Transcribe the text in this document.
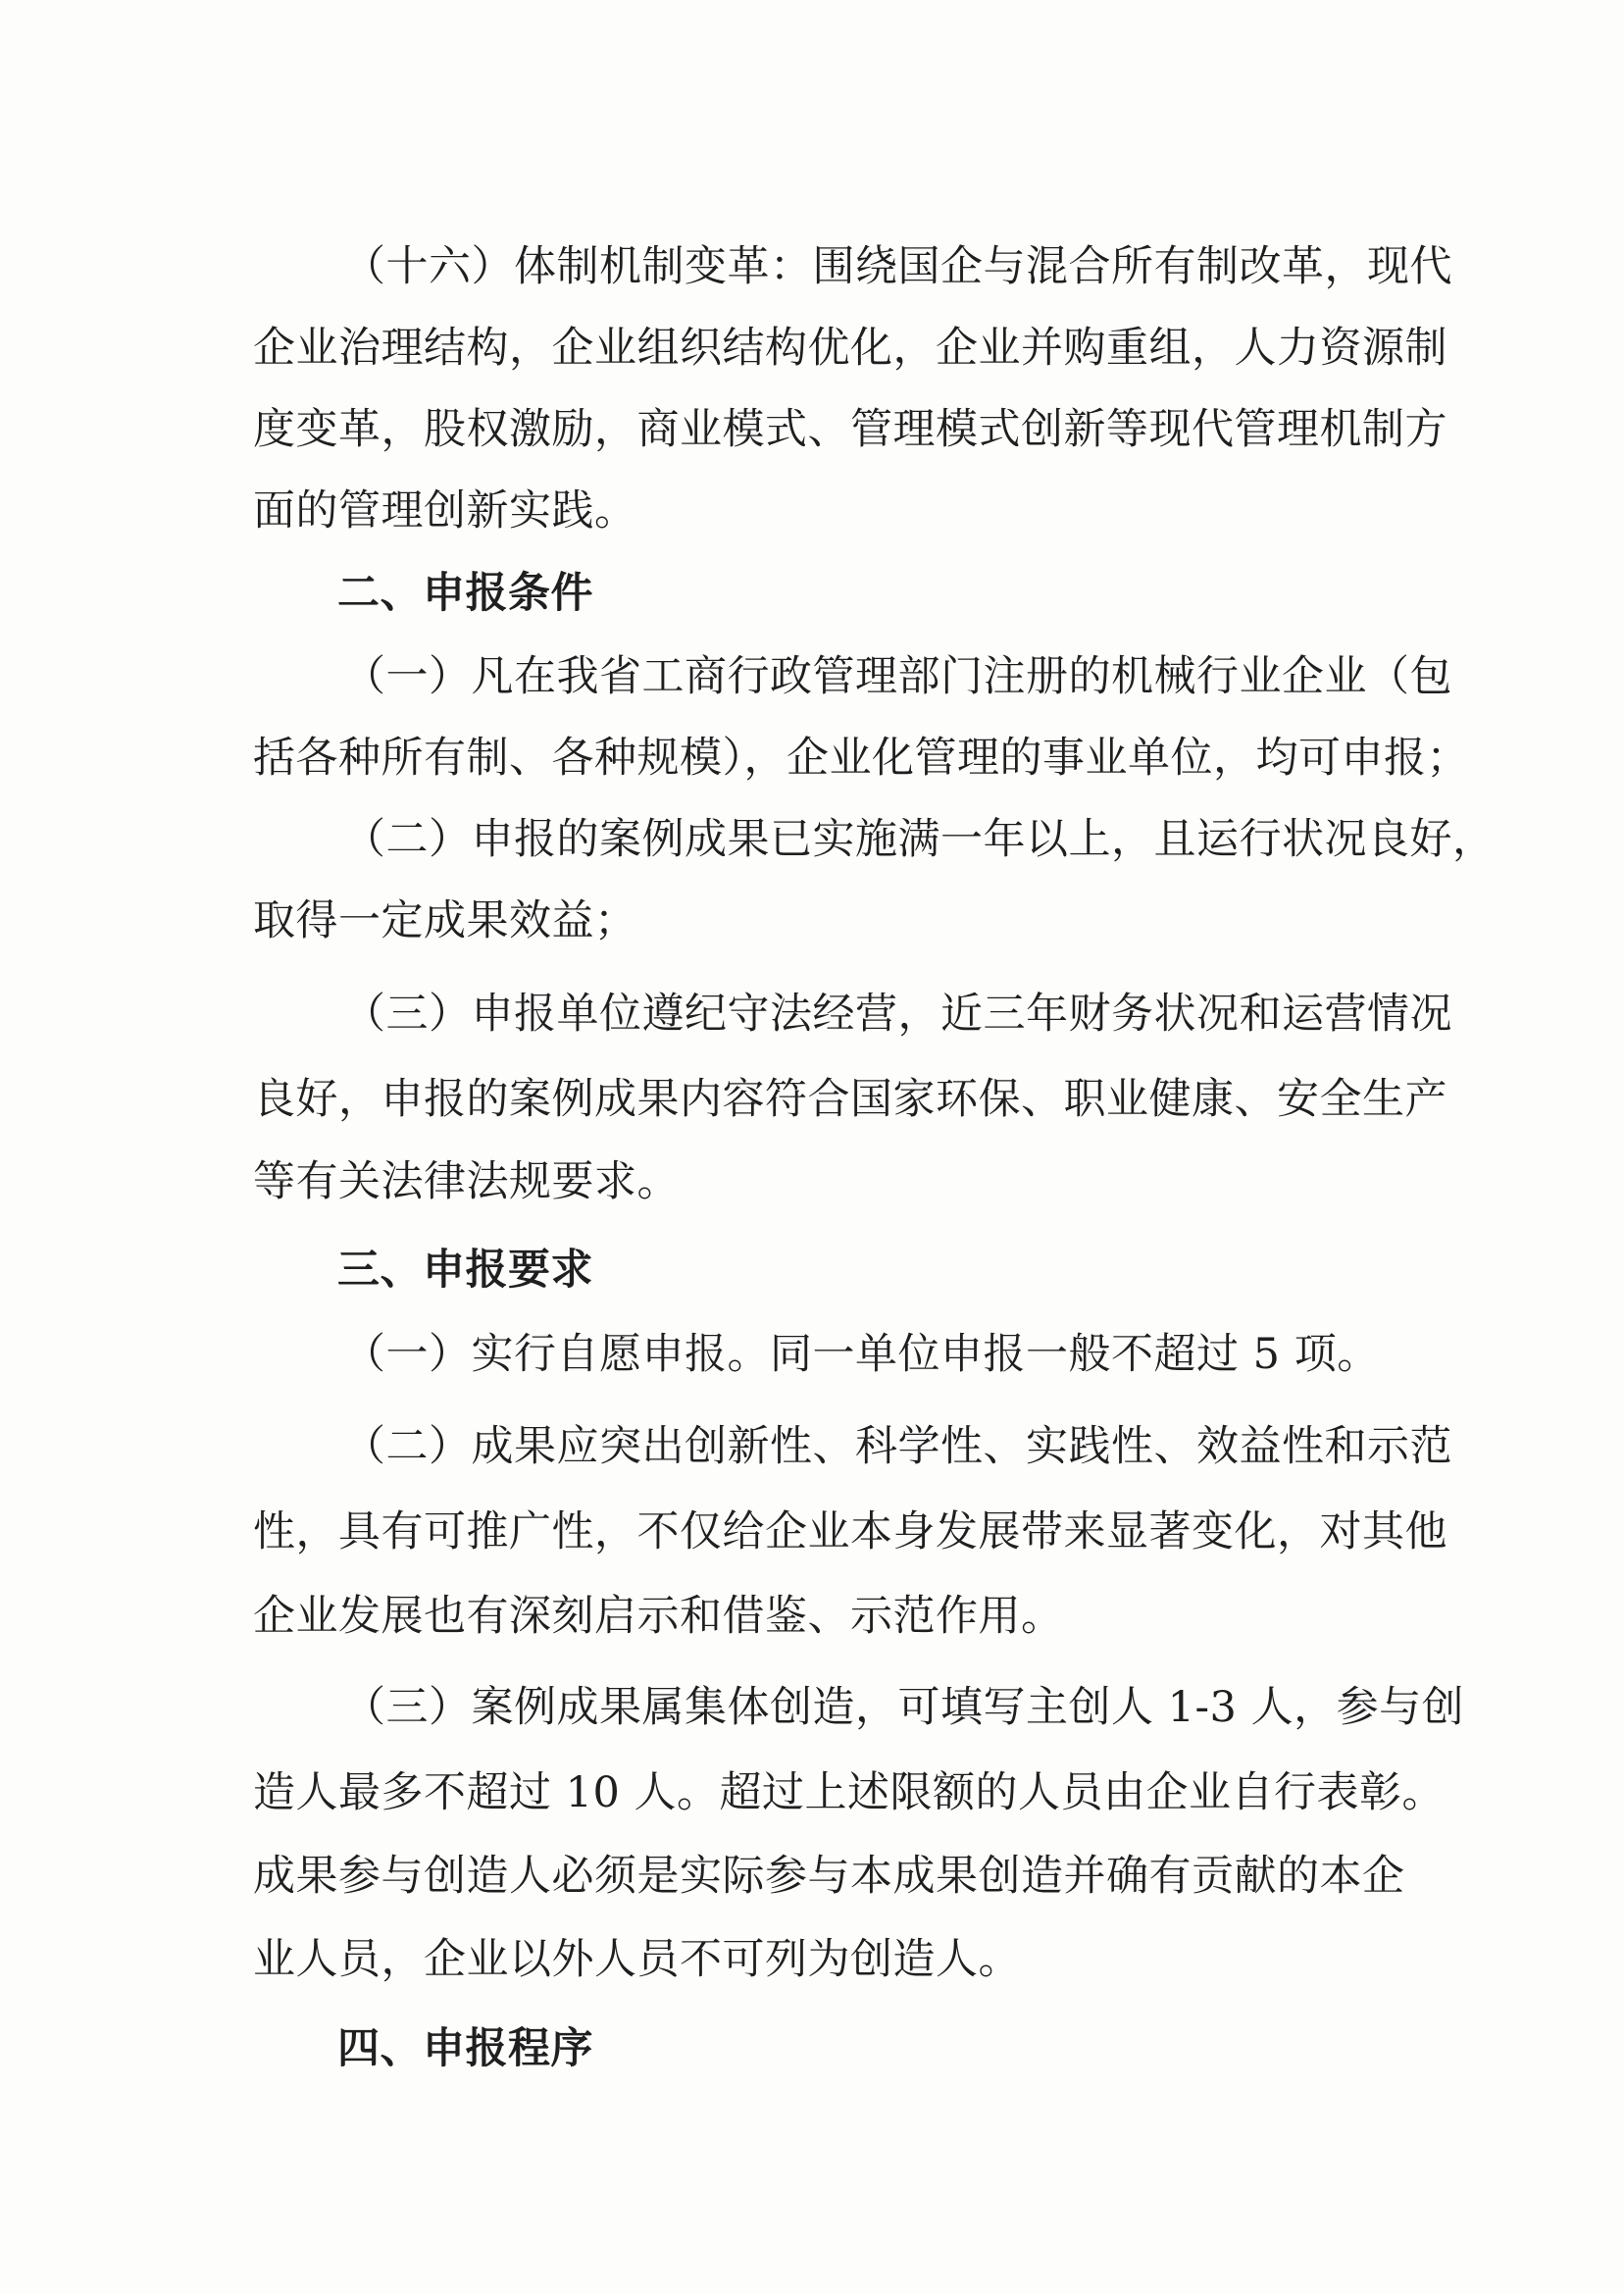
（十六）体制机制变革：围绕国企与混合所有制改革，现代
企业治理结构，企业组织结构优化，企业并购重组，人力资源制
度变革，股权激励，商业模式、管理模式创新等现代管理机制方
面的管理创新实践。
二、申报条件
（一）凡在我省工商行政管理部门注册的机械行业企业（包
括各种所有制、各种规模），企业化管理的事业单位，均可申报；
（二）申报的案例成果已实施满一年以上，且运行状况良好，
取得一定成果效益；
（三）申报单位遵纪守法经营，近三年财务状况和运营情况
良好，申报的案例成果内容符合国家环保、职业健康、安全生产
等有关法律法规要求。
三、申报要求
（一）实行自愿申报。同一单位申报一般不超过 5 项。
（二）成果应突出创新性、科学性、实践性、效益性和示范
性，具有可推广性，不仅给企业本身发展带来显著变化，对其他
企业发展也有深刻启示和借鉴、示范作用。
（三）案例成果属集体创造，可填写主创人 1-3 人，参与创
造人最多不超过 10 人。超过上述限额的人员由企业自行表彰。
成果参与创造人必须是实际参与本成果创造并确有贡献的本企
业人员，企业以外人员不可列为创造人。
四、申报程序
